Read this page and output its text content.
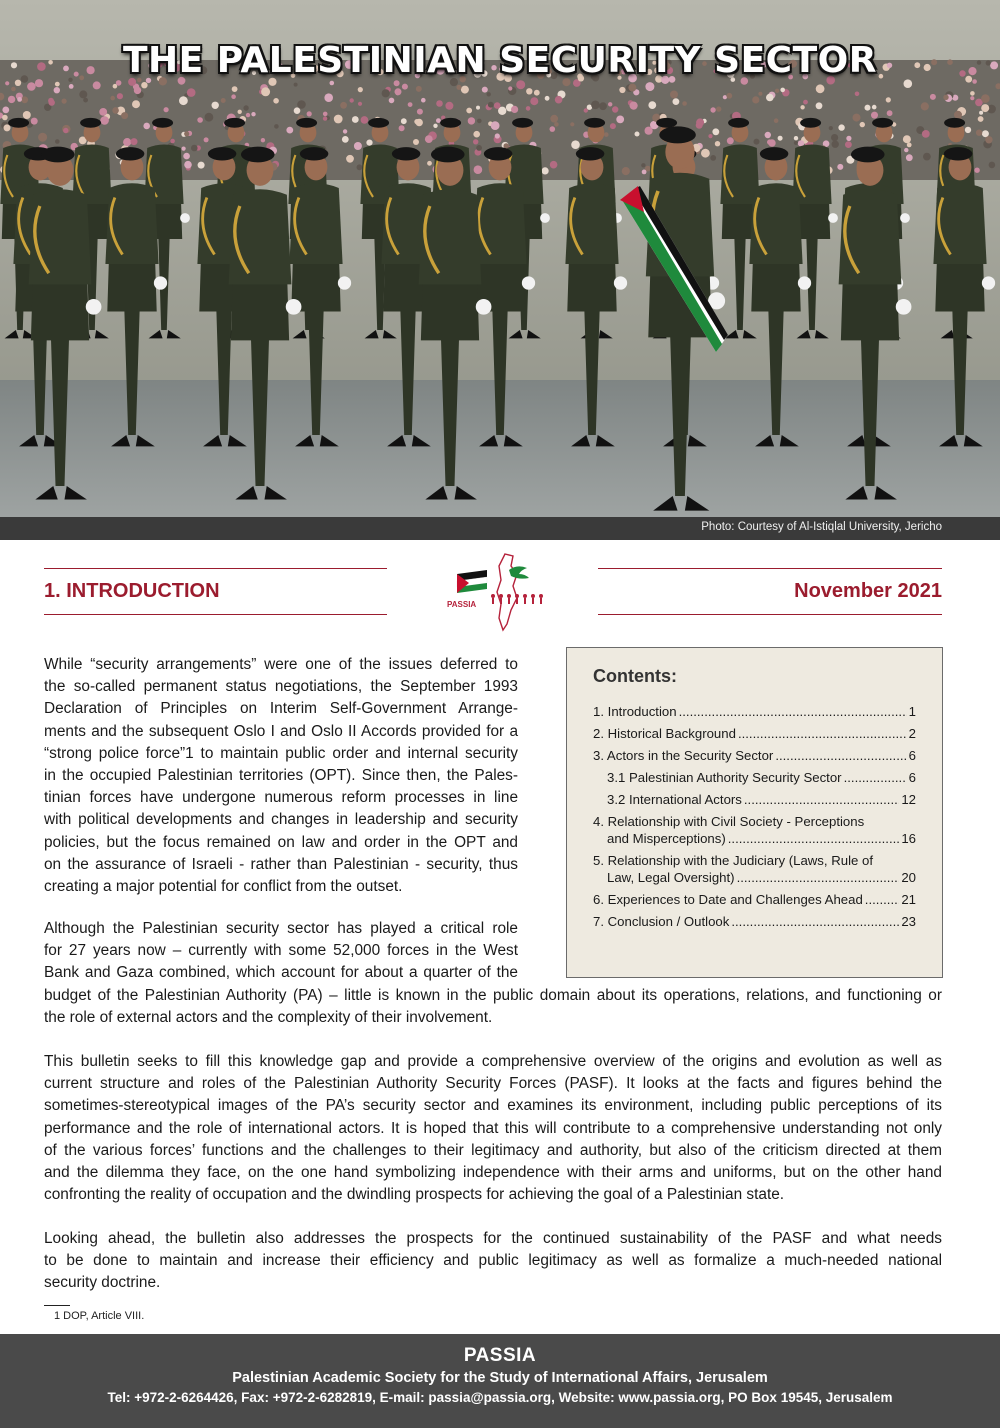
THE PALESTINIAN SECURITY SECTOR
Photo: Courtesy of Al-Istiqlal University, Jericho
1. INTRODUCTION	November 2021
PASSIA
While “security arrangements” were one of the issues deferred to
the so-called permanent status negotiations, the September 1993
Declaration of Principles on Interim Self-Government Arrange-
ments and the subsequent Oslo I and Oslo II Accords provided for a
“strong police force”1 to maintain public order and internal security
in the occupied Palestinian territories (OPT). Since then, the Pales-
tinian forces have undergone numerous reform processes in line
with political developments and changes in leadership and security
policies, but the focus remained on law and order in the OPT and
on the assurance of Israeli - rather than Palestinian - security, thus
creating a major potential for conflict from the outset.
Although the Palestinian security sector has played a critical role
for 27 years now – currently with some 52,000 forces in the West
Bank and Gaza combined, which account for about a quarter of the
budget of the Palestinian Authority (PA) – little is known in the public domain about its operations, relations, and functioning or
the role of external actors and the complexity of their involvement.
This bulletin seeks to fill this knowledge gap and provide a comprehensive overview of the origins and evolution as well as
current structure and roles of the Palestinian Authority Security Forces (PASF). It looks at the facts and figures behind the
sometimes-stereotypical images of the PA’s security sector and examines its environment, including public perceptions of its
performance and the role of international actors. It is hoped that this will contribute to a comprehensive understanding not only
of the various forces’ functions and the challenges to their legitimacy and authority, but also of the criticism directed at them
and the dilemma they face, on the one hand symbolizing independence with their arms and uniforms, but on the other hand
confronting the reality of occupation and the dwindling prospects for achieving the goal of a Palestinian state.
Looking ahead, the bulletin also addresses the prospects for the continued sustainability of the PASF and what needs
to be done to maintain and increase their efficiency and public legitimacy as well as formalize a much-needed national
security doctrine.
Contents:
1. Introduction .....	1
2. Historical Background .....	2
3. Actors in the Security Sector .....	6
3.1 Palestinian Authority Security Sector .....	6
3.2 International Actors .....	12
4. Relationship with Civil Society - Perceptions
and Misperceptions) .....	16
5. Relationship with the Judiciary (Laws, Rule of
Law, Legal Oversight) .....	20
6. Experiences to Date and Challenges Ahead .....	21
7. Conclusion / Outlook .....	23
1 DOP, Article VIII.
PASSIA
Palestinian Academic Society for the Study of International Affairs, Jerusalem
Tel: +972-2-6264426, Fax: +972-2-6282819, E-mail: passia@passia.org, Website: www.passia.org, PO Box 19545, Jerusalem
